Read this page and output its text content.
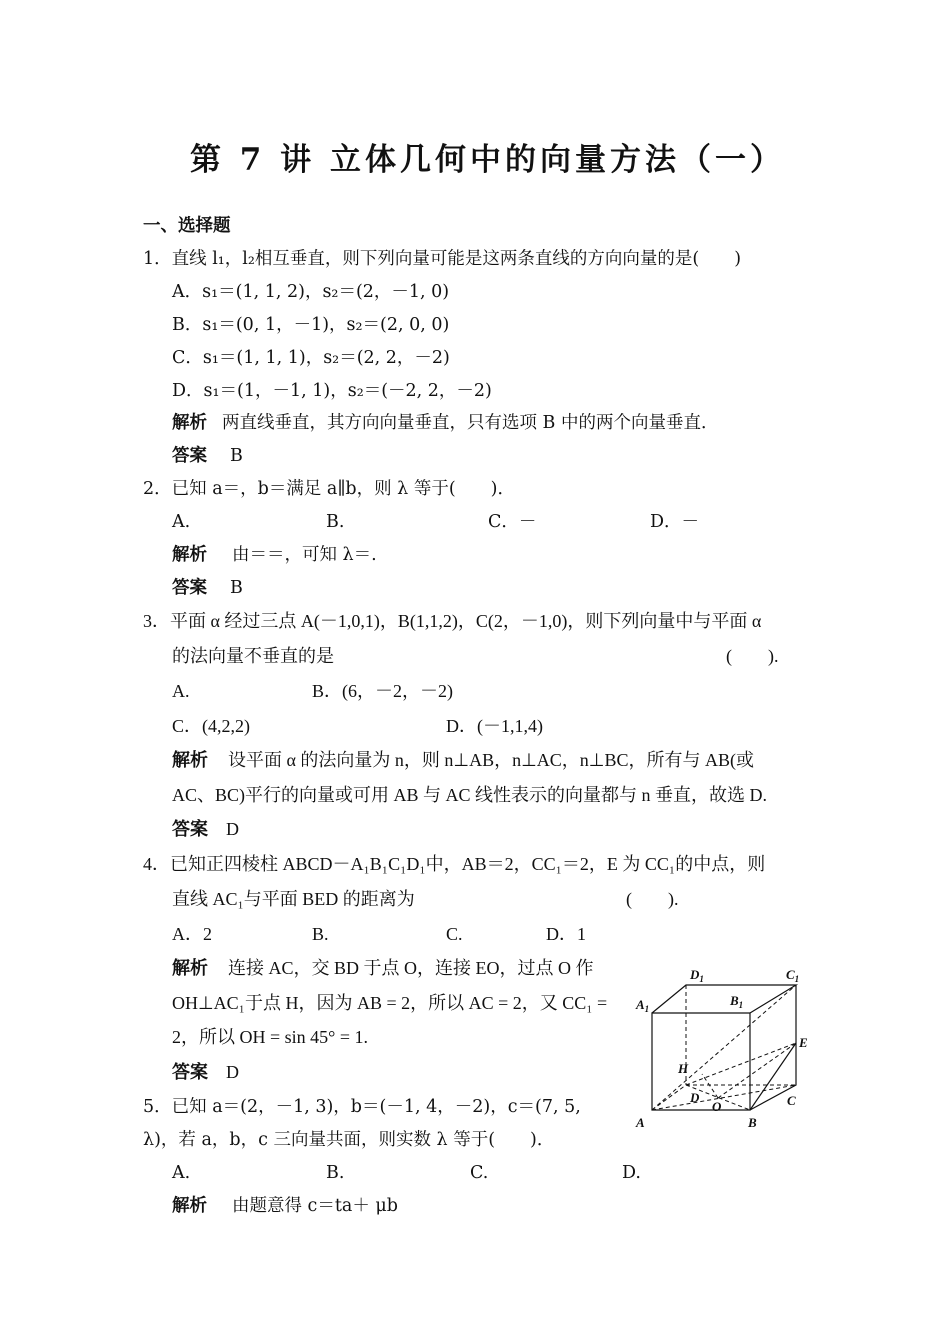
第 7 讲 立体几何中的向量方法（一）
一、选择题
1．直线 l₁，l₂相互垂直，则下列向量可能是这两条直线的方向向量的是(　　)
A．s₁＝(1, 1, 2)，s₂＝(2，－1, 0)
B．s₁＝(0, 1，－1)，s₂＝(2, 0, 0)
C．s₁＝(1, 1, 1)，s₂＝(2, 2，－2)
D．s₁＝(1，－1, 1)，s₂＝(－2, 2，－2)
解析 两直线垂直，其方向向量垂直，只有选项 B 中的两个向量垂直．
答案 B
2．已知 a＝，b＝满足 a∥b，则 λ 等于(　　)．
A.	B.	C．－	D．－
解析 由＝＝，可知 λ＝.
答案 B
3．平面 α 经过三点 A(－1,0,1)，B(1,1,2)，C(2，－1,0)，则下列向量中与平面 α
的法向量不垂直的是	(　　).
A.	B．(6，－2，－2)
C．(4,2,2)	D．(－1,1,4)
解析 设平面 α 的法向量为 n，则 n⊥AB，n⊥AC，n⊥BC，所有与 AB(或
AC、BC)平行的向量或可用 AB 与 AC 线性表示的向量都与 n 垂直，故选 D.
答案 D
4．已知正四棱柱 ABCD－A₁B₁C₁D₁中，AB＝2，CC₁＝2，E 为 CC₁的中点，则
直线 AC₁与平面 BED 的距离为	(　　).
A．2	B.	C.	D．1
解析 连接 AC，交 BD 于点 O，连接 EO，过点 O 作
OH⊥AC₁于点 H，因为 AB = 2，所以 AC = 2，又 CC₁ =
2，所以 OH = sin 45° = 1.
答案 D
$D_1$	$C_1$
$A_1$
$B_1$
E
H
D
O	C
A	B
5．已知 a＝(2，－1, 3)，b＝(－1, 4，－2)，c＝(7, 5,
λ)，若 a，b，c 三向量共面，则实数 λ 等于(　　)．
A.	B.	C.	D.
解析 由题意得 c＝ta＋ μb
